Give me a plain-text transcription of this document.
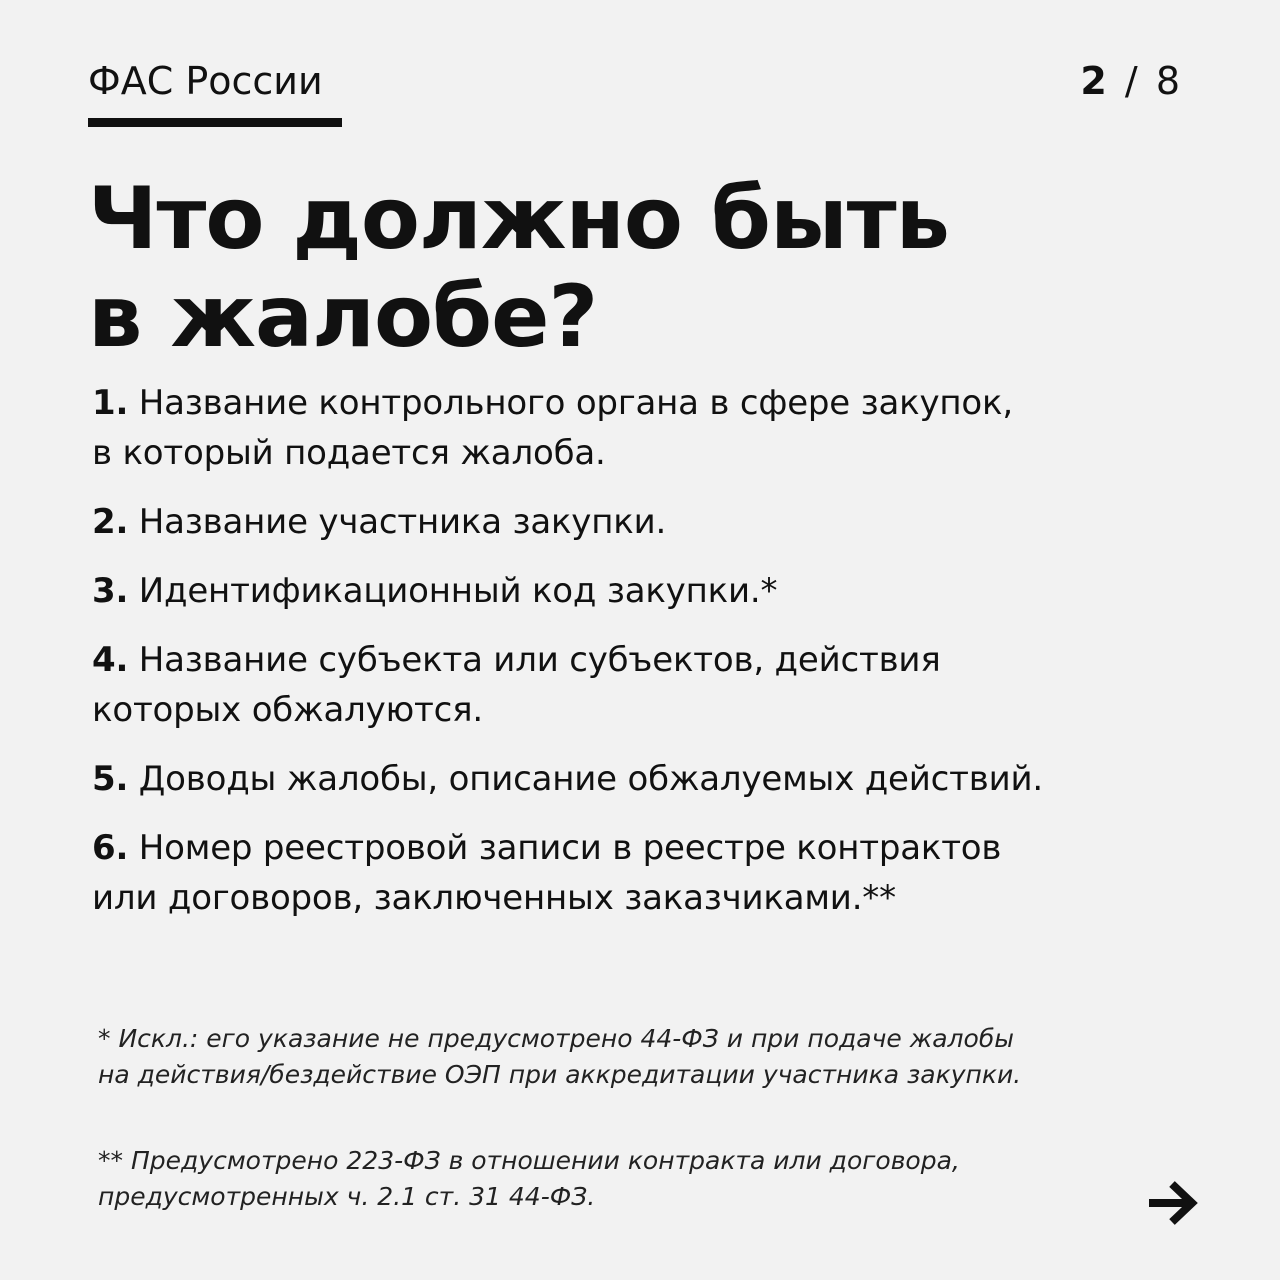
ФАС России	2 / 8
Что должно быть
в жалобе?
1. Название контрольного органа в сфере закупок,
в который подается жалоба.
2. Название участника закупки.
3. Идентификационный код закупки.*
4. Название субъекта или субъектов, действия
которых обжалуются.
5. Доводы жалобы, описание обжалуемых действий.
6. Номер реестровой записи в реестре контрактов
или договоров, заключенных заказчиками.**

* Искл.: его указание не предусмотрено 44-ФЗ и при подаче жалобы
на действия/бездействие ОЭП при аккредитации участника закупки.

** Предусмотрено 223-ФЗ в отношении контракта или договора,
предусмотренных ч. 2.1 ст. 31 44-ФЗ.
